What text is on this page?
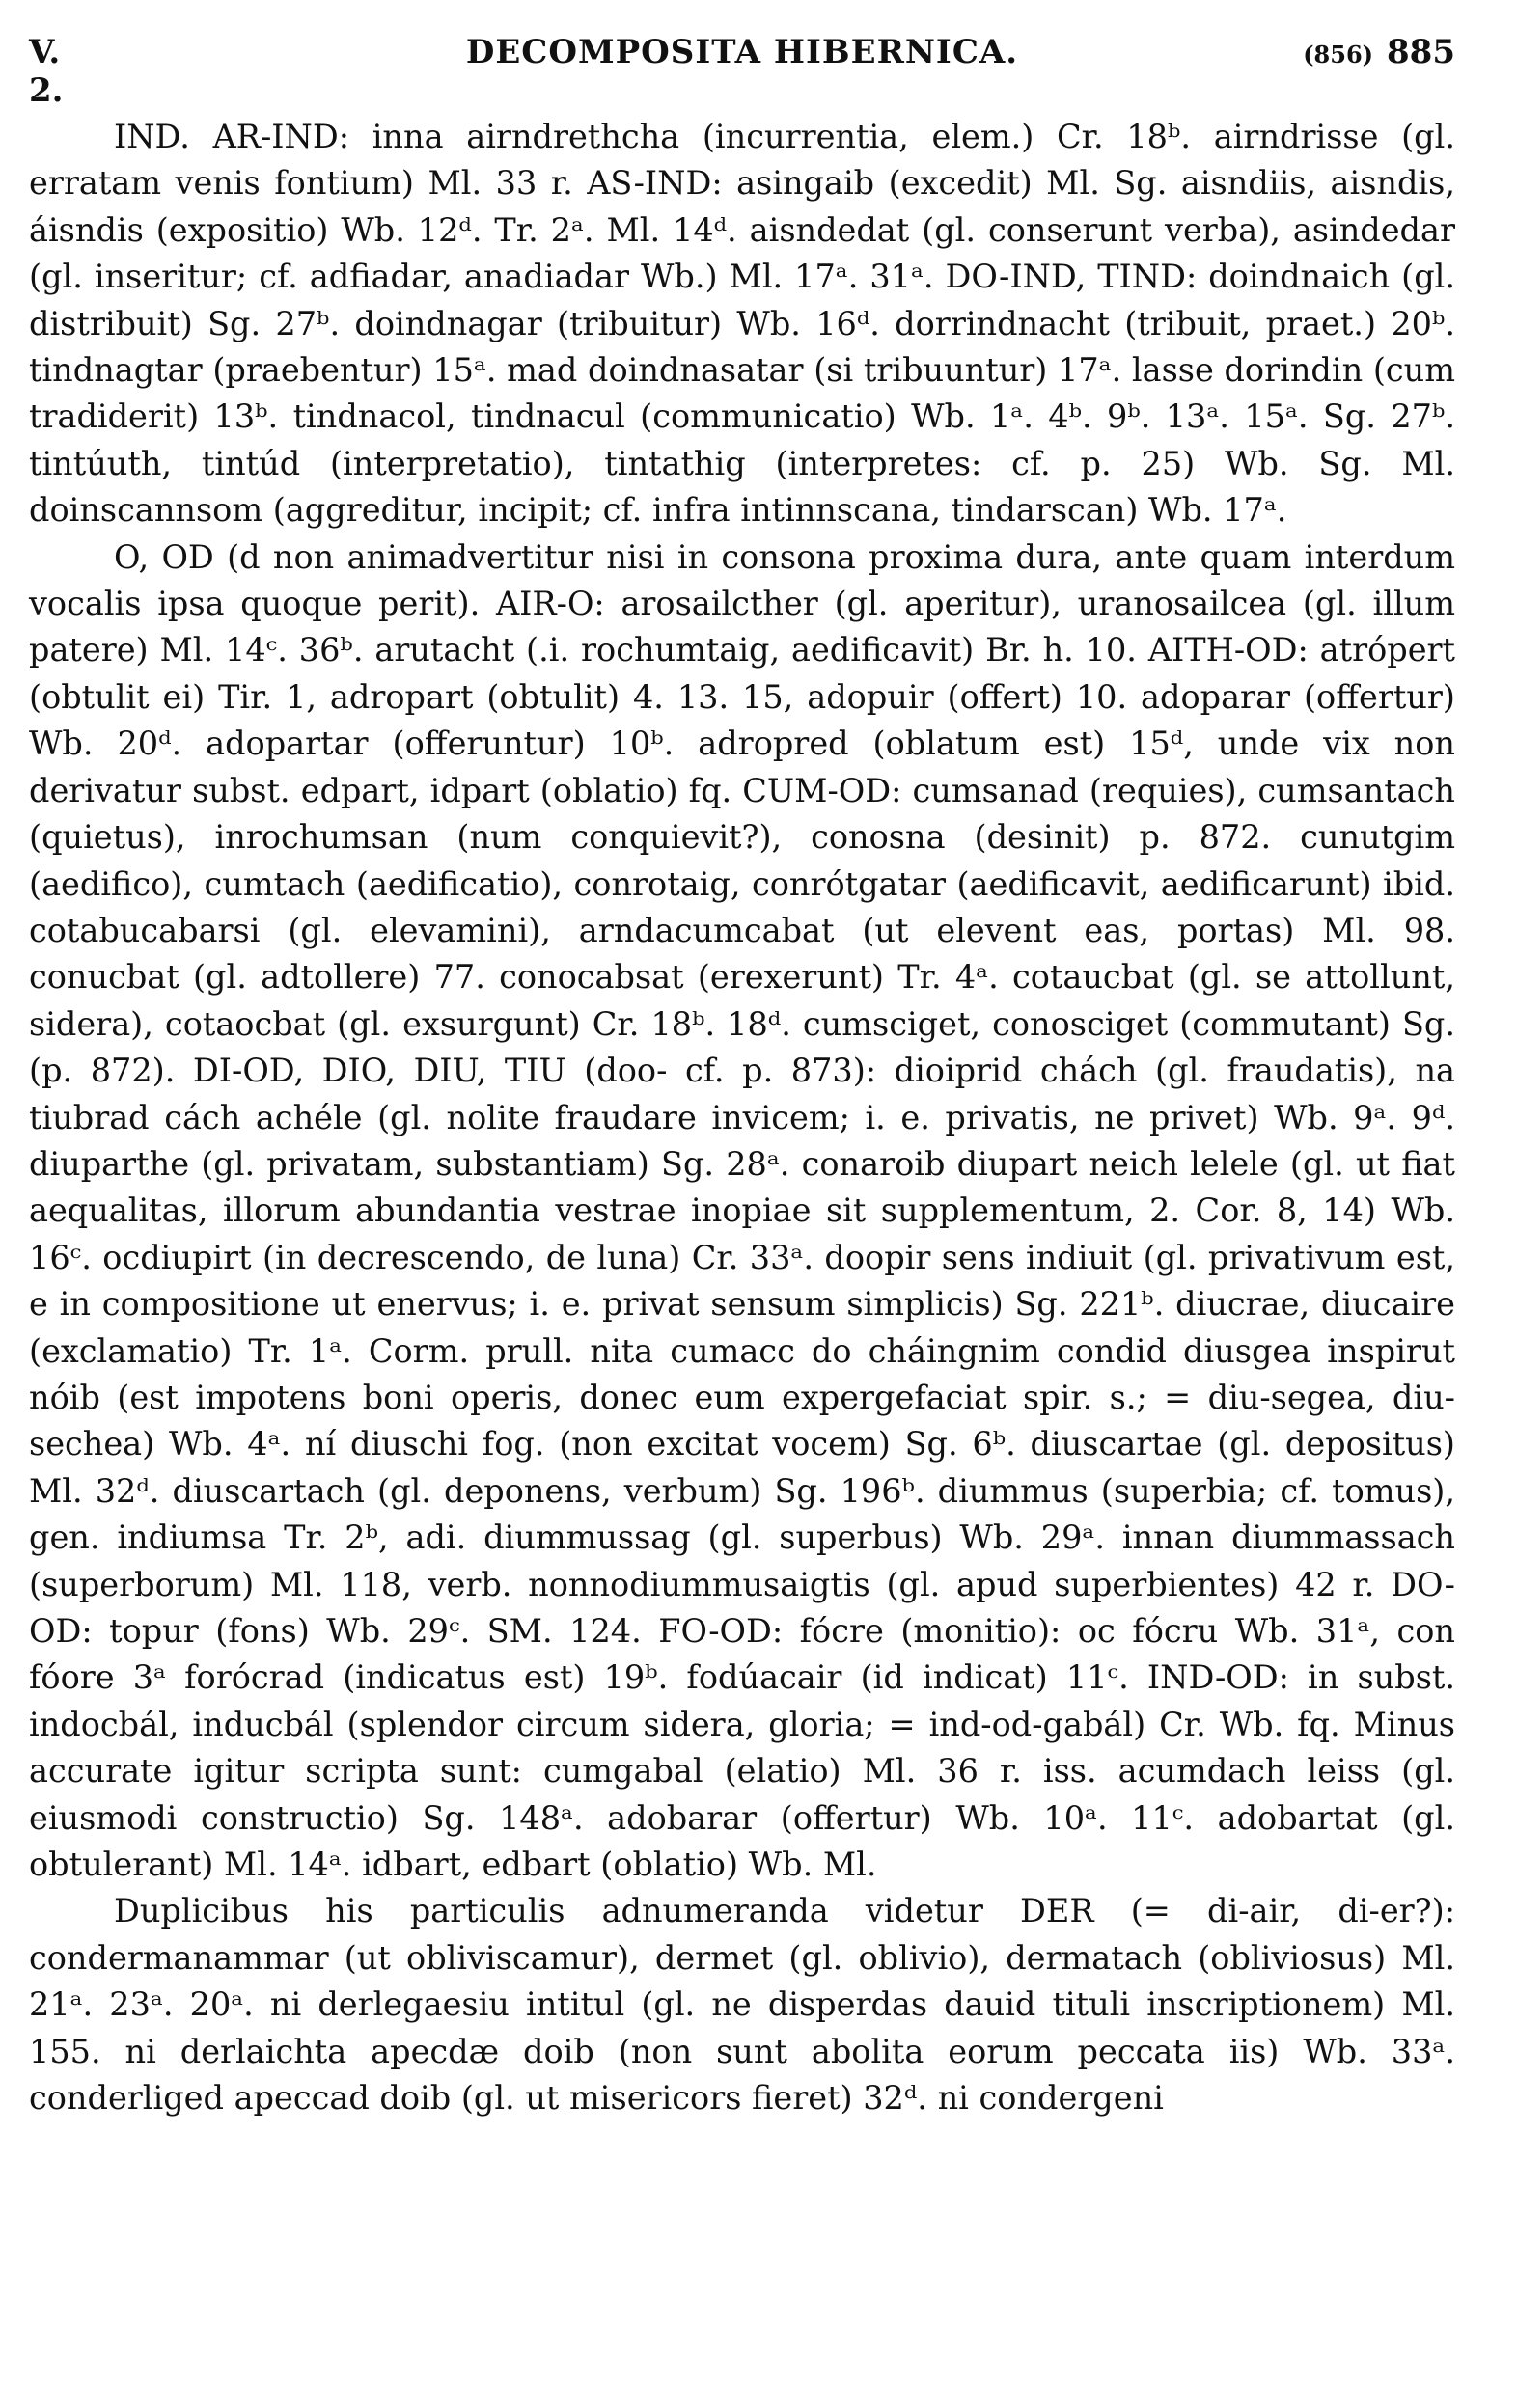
V. 2.
DECOMPOSITA HIBERNICA.	(856) 885

IND. AR-IND: inna airndrethcha (incurrentia, elem.) Cr. 18ᵇ. airndrisse (gl. erratam venis fontium) Ml. 33 r. AS-IND: asingaib (excedit) Ml. Sg. aisndiis, aisndis, áisndis (expositio) Wb. 12ᵈ. Tr. 2ᵃ. Ml. 14ᵈ. aisndedat (gl. conserunt verba), asindedar (gl. inseritur; cf. adfiadar, anadiadar Wb.) Ml. 17ᵃ. 31ᵃ. DO-IND, TIND: doindnaich (gl. distribuit) Sg. 27ᵇ. doindnagar (tribuitur) Wb. 16ᵈ. dorrindnacht (tribuit, praet.) 20ᵇ. tindnagtar (praebentur) 15ᵃ. mad doindnasatar (si tribuuntur) 17ᵃ. lasse dorindin (cum tradiderit) 13ᵇ. tindnacol, tindnacul (communicatio) Wb. 1ᵃ. 4ᵇ. 9ᵇ. 13ᵃ. 15ᵃ. Sg. 27ᵇ. tintúuth, tintúd (interpretatio), tintathig (interpretes: cf. p. 25) Wb. Sg. Ml. doinscannsom (aggreditur, incipit; cf. infra intinnscana, tindarscan) Wb. 17ᵃ.

O, OD (d non animadvertitur nisi in consona proxima dura, ante quam interdum vocalis ipsa quoque perit). AIR-O: arosailcther (gl. aperitur), uranosailcea (gl. illum patere) Ml. 14ᶜ. 36ᵇ. arutacht (.i. rochumtaig, aedificavit) Br. h. 10. AITH-OD: atrópert (obtulit ei) Tir. 1, adropart (obtulit) 4. 13. 15, adopuir (offert) 10. adoparar (offertur) Wb. 20ᵈ. adopartar (offeruntur) 10ᵇ. adropred (oblatum est) 15ᵈ, unde vix non derivatur subst. edpart, idpart (oblatio) fq. CUM-OD: cumsanad (requies), cumsantach (quietus), inrochumsan (num conquievit?), conosna (desinit) p. 872. cunutgim (aedifico), cumtach (aedificatio), conrotaig, conrótgatar (aedificavit, aedificarunt) ibid. cotabucabarsi (gl. elevamini), arndacumcabat (ut elevent eas, portas) Ml. 98. conucbat (gl. adtollere) 77. conocabsat (erexerunt) Tr. 4ᵃ. cotaucbat (gl. se attollunt, sidera), cotaocbat (gl. exsurgunt) Cr. 18ᵇ. 18ᵈ. cumsciget, conosciget (commutant) Sg. (p. 872). DI-OD, DIO, DIU, TIU (doo- cf. p. 873): dioiprid chách (gl. fraudatis), na tiubrad cách achéle (gl. nolite fraudare invicem; i. e. privatis, ne privet) Wb. 9ᵃ. 9ᵈ. diuparthe (gl. privatam, substantiam) Sg. 28ᵃ. conaroib diupart neich lelele (gl. ut fiat aequalitas, illorum abundantia vestrae inopiae sit supplementum, 2. Cor. 8, 14) Wb. 16ᶜ. ocdiupirt (in decrescendo, de luna) Cr. 33ᵃ. doopir sens indiuit (gl. privativum est, e in compositione ut enervus; i. e. privat sensum simplicis) Sg. 221ᵇ. diucrae, diucaire (exclamatio) Tr. 1ᵃ. Corm. prull. nita cumacc do cháingnim condid diusgea inspirut nóib (est impotens boni operis, donec eum expergefaciat spir. s.; = diu-segea, diu-sechea) Wb. 4ᵃ. ní diuschi fog. (non excitat vocem) Sg. 6ᵇ. diuscartae (gl. depositus) Ml. 32ᵈ. diuscartach (gl. deponens, verbum) Sg. 196ᵇ. diummus (superbia; cf. tomus), gen. indiumsa Tr. 2ᵇ, adi. diummussag (gl. superbus) Wb. 29ᵃ. innan diummassach (superborum) Ml. 118, verb. nonnodiummusaigtis (gl. apud superbientes) 42 r. DO-OD: topur (fons) Wb. 29ᶜ. SM. 124. FO-OD: fócre (monitio): oc fócru Wb. 31ᵃ, con fóore 3ᵃ forócrad (indicatus est) 19ᵇ. fodúacair (id indicat) 11ᶜ. IND-OD: in subst. indocbál, inducbál (splendor circum sidera, gloria; = ind-od-gabál) Cr. Wb. fq. Minus accurate igitur scripta sunt: cumgabal (elatio) Ml. 36 r. iss. acumdach leiss (gl. eiusmodi constructio) Sg. 148ᵃ. adobarar (offertur) Wb. 10ᵃ. 11ᶜ. adobartat (gl. obtulerant) Ml. 14ᵃ. idbart, edbart (oblatio) Wb. Ml.

Duplicibus his particulis adnumeranda videtur DER (= di-air, di-er?): condermanammar (ut obliviscamur), dermet (gl. oblivio), dermatach (obliviosus) Ml. 21ᵃ. 23ᵃ. 20ᵃ. ni derlegaesiu intitul (gl. ne disperdas dauid tituli inscriptionem) Ml. 155. ni derlaichta apecdæ doib (non sunt abolita eorum peccata iis) Wb. 33ᵃ. conderliged apeccad doib (gl. ut misericors fieret) 32ᵈ. ni condergeni
